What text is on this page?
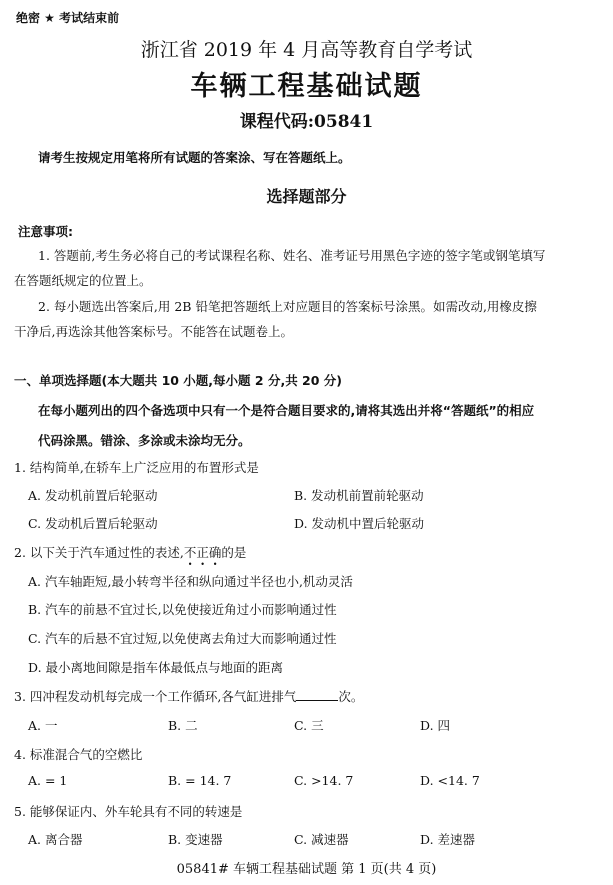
绝密 ★ 考试结束前
浙江省 2019 年 4 月高等教育自学考试
车辆工程基础试题
课程代码:05841
请考生按规定用笔将所有试题的答案涂、写在答题纸上。
选择题部分
注意事项:
1. 答题前,考生务必将自己的考试课程名称、姓名、准考证号用黑色字迹的签字笔或钢笔填写
在答题纸规定的位置上。
2. 每小题选出答案后,用 2B 铅笔把答题纸上对应题目的答案标号涂黑。如需改动,用橡皮擦
干净后,再选涂其他答案标号。不能答在试题卷上。
一、单项选择题(本大题共 10 小题,每小题 2 分,共 20 分)
在每小题列出的四个备选项中只有一个是符合题目要求的,请将其选出并将“答题纸”的相应
代码涂黑。错涂、多涂或未涂均无分。
1. 结构简单,在轿车上广泛应用的布置形式是
A. 发动机前置后轮驱动	B. 发动机前置前轮驱动
C. 发动机后置后轮驱动	D. 发动机中置后轮驱动
2. 以下关于汽车通过性的表述,不正确的是
A. 汽车轴距短,最小转弯半径和纵向通过半径也小,机动灵活
B. 汽车的前悬不宜过长,以免使接近角过小而影响通过性
C. 汽车的后悬不宜过短,以免使离去角过大而影响通过性
D. 最小离地间隙是指车体最低点与地面的距离
3. 四冲程发动机每完成一个工作循环,各气缸进排气	次。
A. 一	B. 二	C. 三	D. 四
4. 标准混合气的空燃比
A. = 1	B. = 14. 7	C. >14. 7	D. <14. 7
5. 能够保证内、外车轮具有不同的转速是
A. 离合器	B. 变速器	C. 减速器	D. 差速器
05841# 车辆工程基础试题 第 1 页(共 4 页)
